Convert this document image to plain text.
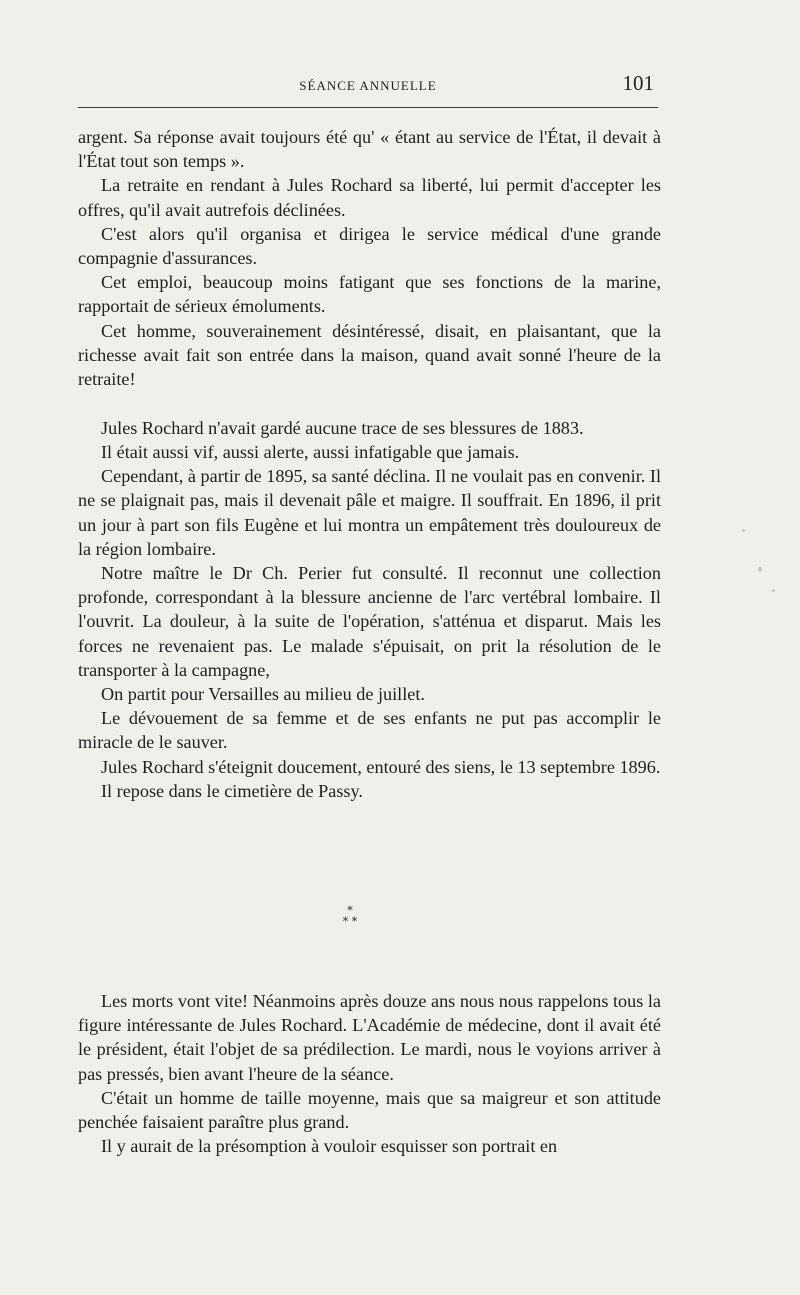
SÉANCE ANNUELLE	101

argent. Sa réponse avait toujours été qu' « étant au service de l'État, il devait à l'État tout son temps ».

La retraite en rendant à Jules Rochard sa liberté, lui permit d'accepter les offres, qu'il avait autrefois déclinées.

C'est alors qu'il organisa et dirigea le service médical d'une grande compagnie d'assurances.

Cet emploi, beaucoup moins fatigant que ses fonctions de la marine, rapportait de sérieux émoluments.

Cet homme, souverainement désintéressé, disait, en plaisantant, que la richesse avait fait son entrée dans la maison, quand avait sonné l'heure de la retraite!

Jules Rochard n'avait gardé aucune trace de ses blessures de 1883.

Il était aussi vif, aussi alerte, aussi infatigable que jamais.

Cependant, à partir de 1895, sa santé déclina. Il ne voulait pas en convenir. Il ne se plaignait pas, mais il devenait pâle et maigre. Il souffrait. En 1896, il prit un jour à part son fils Eugène et lui montra un empâtement très douloureux de la région lombaire.

Notre maître le Dr Ch. Perier fut consulté. Il reconnut une collection profonde, correspondant à la blessure ancienne de l'arc vertébral lombaire. Il l'ouvrit. La douleur, à la suite de l'opération, s'atténua et disparut. Mais les forces ne revenaient pas. Le malade s'épuisait, on prit la résolution de le transporter à la campagne,

On partit pour Versailles au milieu de juillet.

Le dévouement de sa femme et de ses enfants ne put pas accomplir le miracle de le sauver.

Jules Rochard s'éteignit doucement, entouré des siens, le 13 septembre 1896.

Il repose dans le cimetière de Passy.

*
* *

Les morts vont vite! Néanmoins après douze ans nous nous rappelons tous la figure intéressante de Jules Rochard. L'Académie de médecine, dont il avait été le président, était l'objet de sa prédilection. Le mardi, nous le voyions arriver à pas pressés, bien avant l'heure de la séance.

C'était un homme de taille moyenne, mais que sa maigreur et son attitude penchée faisaient paraître plus grand.

Il y aurait de la présomption à vouloir esquisser son portrait en
